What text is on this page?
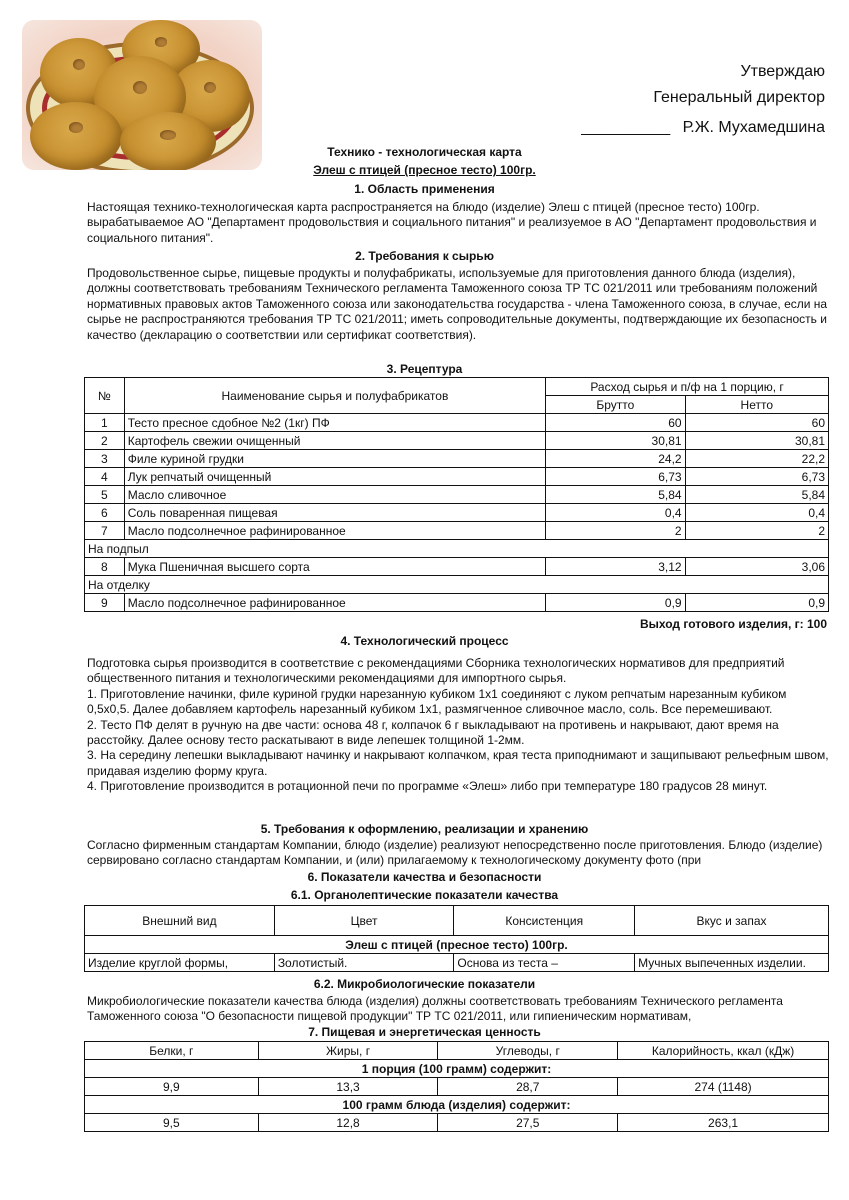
Утверждаю
Генеральный директор
__________ Р.Ж. Мухамедшина
Технико - технологическая карта
Элеш с птицей (пресное тесто) 100гр.
1. Область применения
Настоящая технико-технологическая карта распространяется на блюдо (изделие) Элеш с птицей (пресное тесто) 100гр. вырабатываемое АО "Департамент продовольствия и социального питания" и реализуемое в АО "Департамент продовольствия и социального питания".
2. Требования к сырью
Продовольственное сырье, пищевые продукты и полуфабрикаты, используемые для приготовления данного блюда (изделия), должны соответствовать требованиям Технического регламента Таможенного союза ТР ТС 021/2011 или требованиям положений нормативных правовых актов Таможенного союза или законодательства государства - члена Таможенного союза, в случае, если на сырье не распространяются требования ТР ТС 021/2011; иметь сопроводительные документы, подтверждающие их безопасность и качество (декларацию о соответствии или сертификат соответствия).
3. Рецептура
№	Наименование сырья и полуфабрикатов	Расход сырья и п/ф на 1 порцию, г	
		Брутто	Нетто
1	Тесто пресное сдобное №2 (1кг) ПФ	60	60
2	Картофель свежии очищенный	30,81	30,81
3	Филе куриной грудки	24,2	22,2
4	Лук репчатый очищенный	6,73	6,73
5	Масло сливочное	5,84	5,84
6	Соль поваренная пищевая	0,4	0,4
7	Масло подсолнечное рафинированное	2	2
На подпыл			
8	Мука Пшеничная высшего сорта	3,12	3,06
На отделку			
9	Масло подсолнечное рафинированное	0,9	0,9
Выход готового изделия, г: 100
4. Технологический процесс

Подготовка сырья производится в соответствие с рекомендациями Сборника технологических нормативов для предприятий общественного питания и технологическими рекомендациями для импортного сырья.

1. Приготовление начинки, филе куриной грудки нарезанную кубиком 1х1 соединяют с луком репчатым нарезанным кубиком 0,5х0,5. Далее добавляем картофель нарезанный кубиком 1х1, размягченное сливочное масло, соль. Все перемешивают.

2. Тесто ПФ делят в ручную на две части: основа 48 г, колпачок 6 г выкладывают на противень и накрывают, дают время на расстойку. Далее основу тесто раскатывают в виде лепешек толщиной 1-2мм.

3. На середину лепешки выкладывают начинку и накрывают колпачком, края теста приподнимают и защипывают рельефным швом, придавая изделию форму круга.

4. Приготовление производится в ротационной печи по программе «Элеш» либо при температуре 180 градусов 28 минут.

5. Требования к оформлению, реализации и хранению
Согласно фирменным стандартам Компании, блюдо (изделие) реализуют непосредственно после приготовления. Блюдо (изделие) сервировано согласно стандартам Компании, и (или) прилагаемому к технологическому документу фото (при
6. Показатели качества и безопасности
6.1. Органолептические показатели качества
Внешний вид	Цвет	Консистенция	Вкус и запах
Элеш с птицей (пресное тесто) 100гр.			
Изделие круглой формы,	Золотистый.	Основа из теста –	Мучных выпеченных изделии.
6.2. Микробиологические показатели
Микробиологические показатели качества блюда (изделия) должны соответствовать требованиям Технического регламента Таможенного союза "О безопасности пищевой продукции" ТР ТС 021/2011, или гипиеническим нормативам,
7. Пищевая и энергетическая ценность
Белки, г	Жиры, г	Углеводы, г	Калорийность, ккал (кДж)
1 порция (100 грамм) содержит:			
9,9	13,3	28,7	274 (1148)
100 грамм блюда (изделия) содержит:			
9,5	12,8	27,5	263,1
